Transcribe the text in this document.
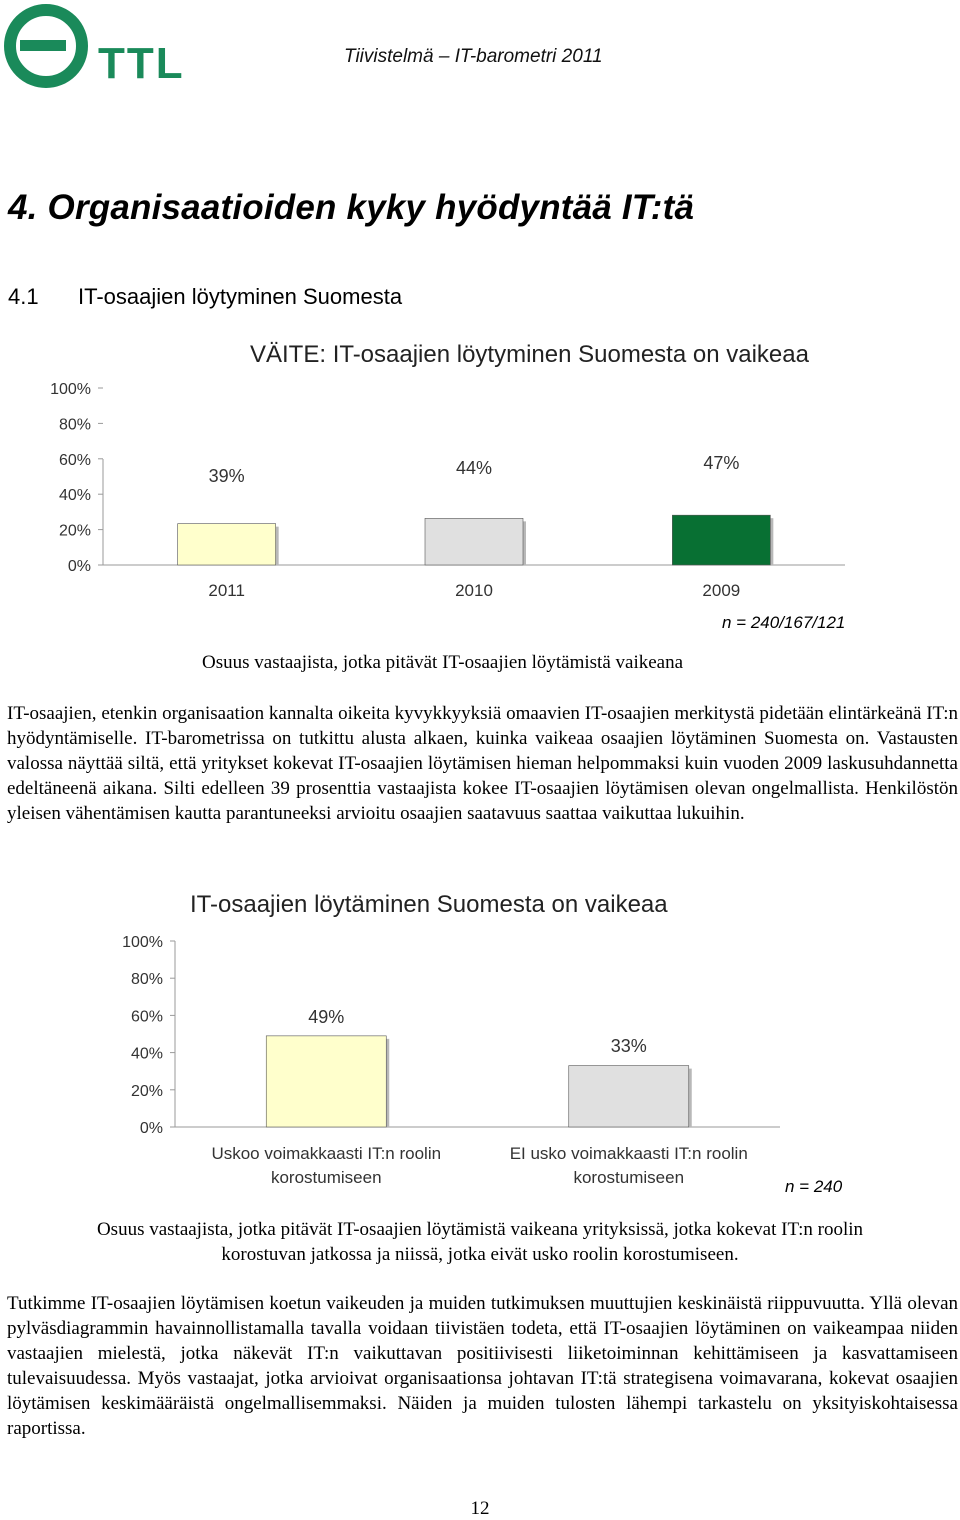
TTL	Tiivistelmä – IT-barometri 2011
4. Organisaatioiden kyky hyödyntää IT:tä
4.1 IT-osaajien löytyminen Suomesta
VÄITE: IT-osaajien löytyminen Suomesta on vaikeaa
0%
20%
40%
60%
80%
100%
39%
2011
44%
2010
47%
2009
n = 240/167/121
Osuus vastaajista, jotka pitävät IT-osaajien löytämistä vaikeana
IT-osaajien, etenkin organisaation kannalta oikeita kyvykkyyksiä omaavien IT-osaajien merkitystä pidetään elintärkeänä IT:n hyödyntämiselle. IT-barometrissa on tutkittu alusta alkaen, kuinka vaikeaa osaajien löytäminen Suomesta on. Vastausten valossa näyttää siltä, että yritykset kokevat IT-osaajien löytämisen hieman helpommaksi kuin vuoden 2009 laskusuhdannetta edeltäneenä aikana. Silti edelleen 39 prosenttia vastaajista kokee IT-osaajien löytämisen olevan ongelmallista. Henkilöstön yleisen vähentämisen kautta parantuneeksi arvioitu osaajien saatavuus saattaa vaikuttaa lukuihin.
IT-osaajien löytäminen Suomesta on vaikeaa
0%
20%
40%
60%
80%
100%
49%
Uskoo voimakkaasti IT:n roolin
korostumiseen
33%
EI usko voimakkaasti IT:n roolin
korostumiseen	n = 240
Osuus vastaajista, jotka pitävät IT-osaajien löytämistä vaikeana yrityksissä, jotka kokevat IT:n roolin
korostuvan jatkossa ja niissä, jotka eivät usko roolin korostumiseen.
Tutkimme IT-osaajien löytämisen koetun vaikeuden ja muiden tutkimuksen muuttujien keskinäistä riippuvuutta. Yllä olevan pylväsdiagrammin havainnollistamalla tavalla voidaan tiivistäen todeta, että IT-osaajien löytäminen on vaikeampaa niiden vastaajien mielestä, jotka näkevät IT:n vaikuttavan positiivisesti liiketoiminnan kehittämiseen ja kasvattamiseen tulevaisuudessa. Myös vastaajat, jotka arvioivat organisaationsa johtavan IT:tä strategisena voimavarana, kokevat osaajien löytämisen keskimääräistä ongelmallisemmaksi. Näiden ja muiden tulosten lähempi tarkastelu on yksityiskohtaisessa raportissa.
12
